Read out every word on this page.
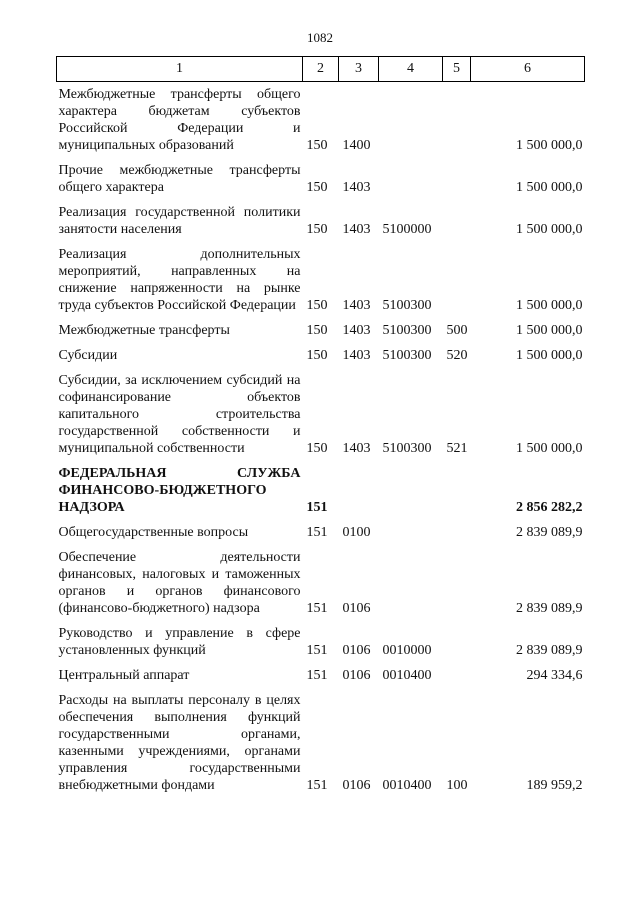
1082
1	2	3	4	5	6
Межбюджетные трансферты общего характера бюджетам субъектов Российской Федерации и муниципальных образований	150	1400			1 500 000,0
Прочие межбюджетные трансферты общего характера	150	1403			1 500 000,0
Реализация государственной политики занятости населения	150	1403	5100000		1 500 000,0
Реализация дополнительных мероприятий, направленных на снижение напряженности на рынке труда субъектов Российской Федерации	150	1403	5100300		1 500 000,0
Межбюджетные трансферты	150	1403	5100300	500	1 500 000,0
Субсидии	150	1403	5100300	520	1 500 000,0
Субсидии, за исключением субсидий на софинансирование объектов капитального строительства государственной собственности и муниципальной собственности	150	1403	5100300	521	1 500 000,0
ФЕДЕРАЛЬНАЯ СЛУЖБА ФИНАНСОВО-БЮДЖЕТНОГО НАДЗОРА	151				2 856 282,2
Общегосударственные вопросы	151	0100			2 839 089,9
Обеспечение деятельности финансовых, налоговых и таможенных органов и органов финансового (финансово-бюджетного) надзора	151	0106			2 839 089,9
Руководство и управление в сфере установленных функций	151	0106	0010000		2 839 089,9
Центральный аппарат	151	0106	0010400		294 334,6
Расходы на выплаты персоналу в целях обеспечения выполнения функций государственными органами, казенными учреждениями, органами управления государственными внебюджетными фондами	151	0106	0010400	100	189 959,2
